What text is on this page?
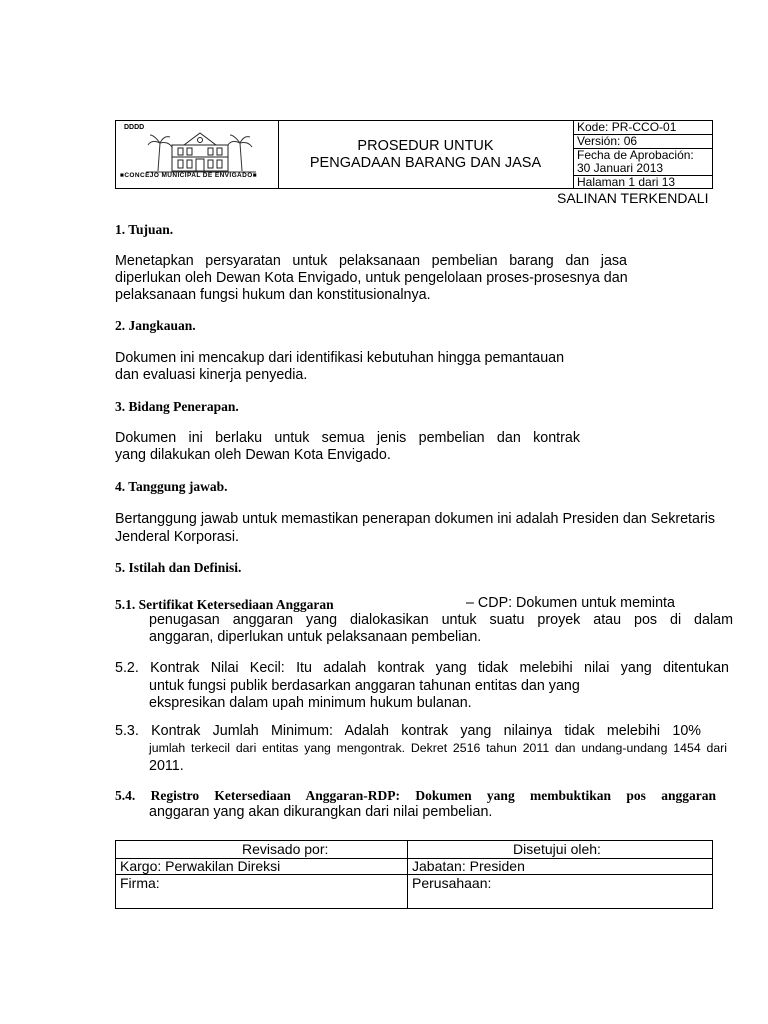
DDDD
■CONCEJO MUNICIPAL DE ENVIGADO■
PROSEDUR UNTUK
PENGADAAN BARANG DAN JASA
Kode: PR-CCO-01
Versión: 06
Fecha de Aprobación:
30 Januari 2013
Halaman 1 dari 13
SALINAN TERKENDALI
1. Tujuan.
Menetapkan persyaratan untuk pelaksanaan pembelian barang dan jasa
diperlukan oleh Dewan Kota Envigado, untuk pengelolaan proses-prosesnya dan
pelaksanaan fungsi hukum dan konstitusionalnya.
2. Jangkauan.
Dokumen ini mencakup dari identifikasi kebutuhan hingga pemantauan
dan evaluasi kinerja penyedia.
3. Bidang Penerapan.
Dokumen ini berlaku untuk semua jenis pembelian dan kontrak
yang dilakukan oleh Dewan Kota Envigado.
4. Tanggung jawab.
Bertanggung jawab untuk memastikan penerapan dokumen ini adalah Presiden dan Sekretaris
Jenderal Korporasi.
5. Istilah dan Definisi.
5.1. Sertifikat Ketersediaan Anggaran	– CDP: Dokumen untuk meminta
penugasan anggaran yang dialokasikan untuk suatu proyek atau pos di dalam
anggaran, diperlukan untuk pelaksanaan pembelian.
5.2. Kontrak Nilai Kecil: Itu adalah kontrak yang tidak melebihi nilai yang ditentukan
untuk fungsi publik berdasarkan anggaran tahunan entitas dan yang
ekspresikan dalam upah minimum hukum bulanan.
5.3. Kontrak Jumlah Minimum: Adalah kontrak yang nilainya tidak melebihi 10%
jumlah terkecil dari entitas yang mengontrak. Dekret 2516 tahun 2011 dan undang-undang 1454 dari
2011.
5.4. Registro Ketersediaan Anggaran-RDP: Dokumen yang membuktikan pos anggaran
anggaran yang akan dikurangkan dari nilai pembelian.
Revisado por:	Disetujui oleh:
Kargo: Perwakilan Direksi	Jabatan: Presiden
Firma:	Perusahaan:
